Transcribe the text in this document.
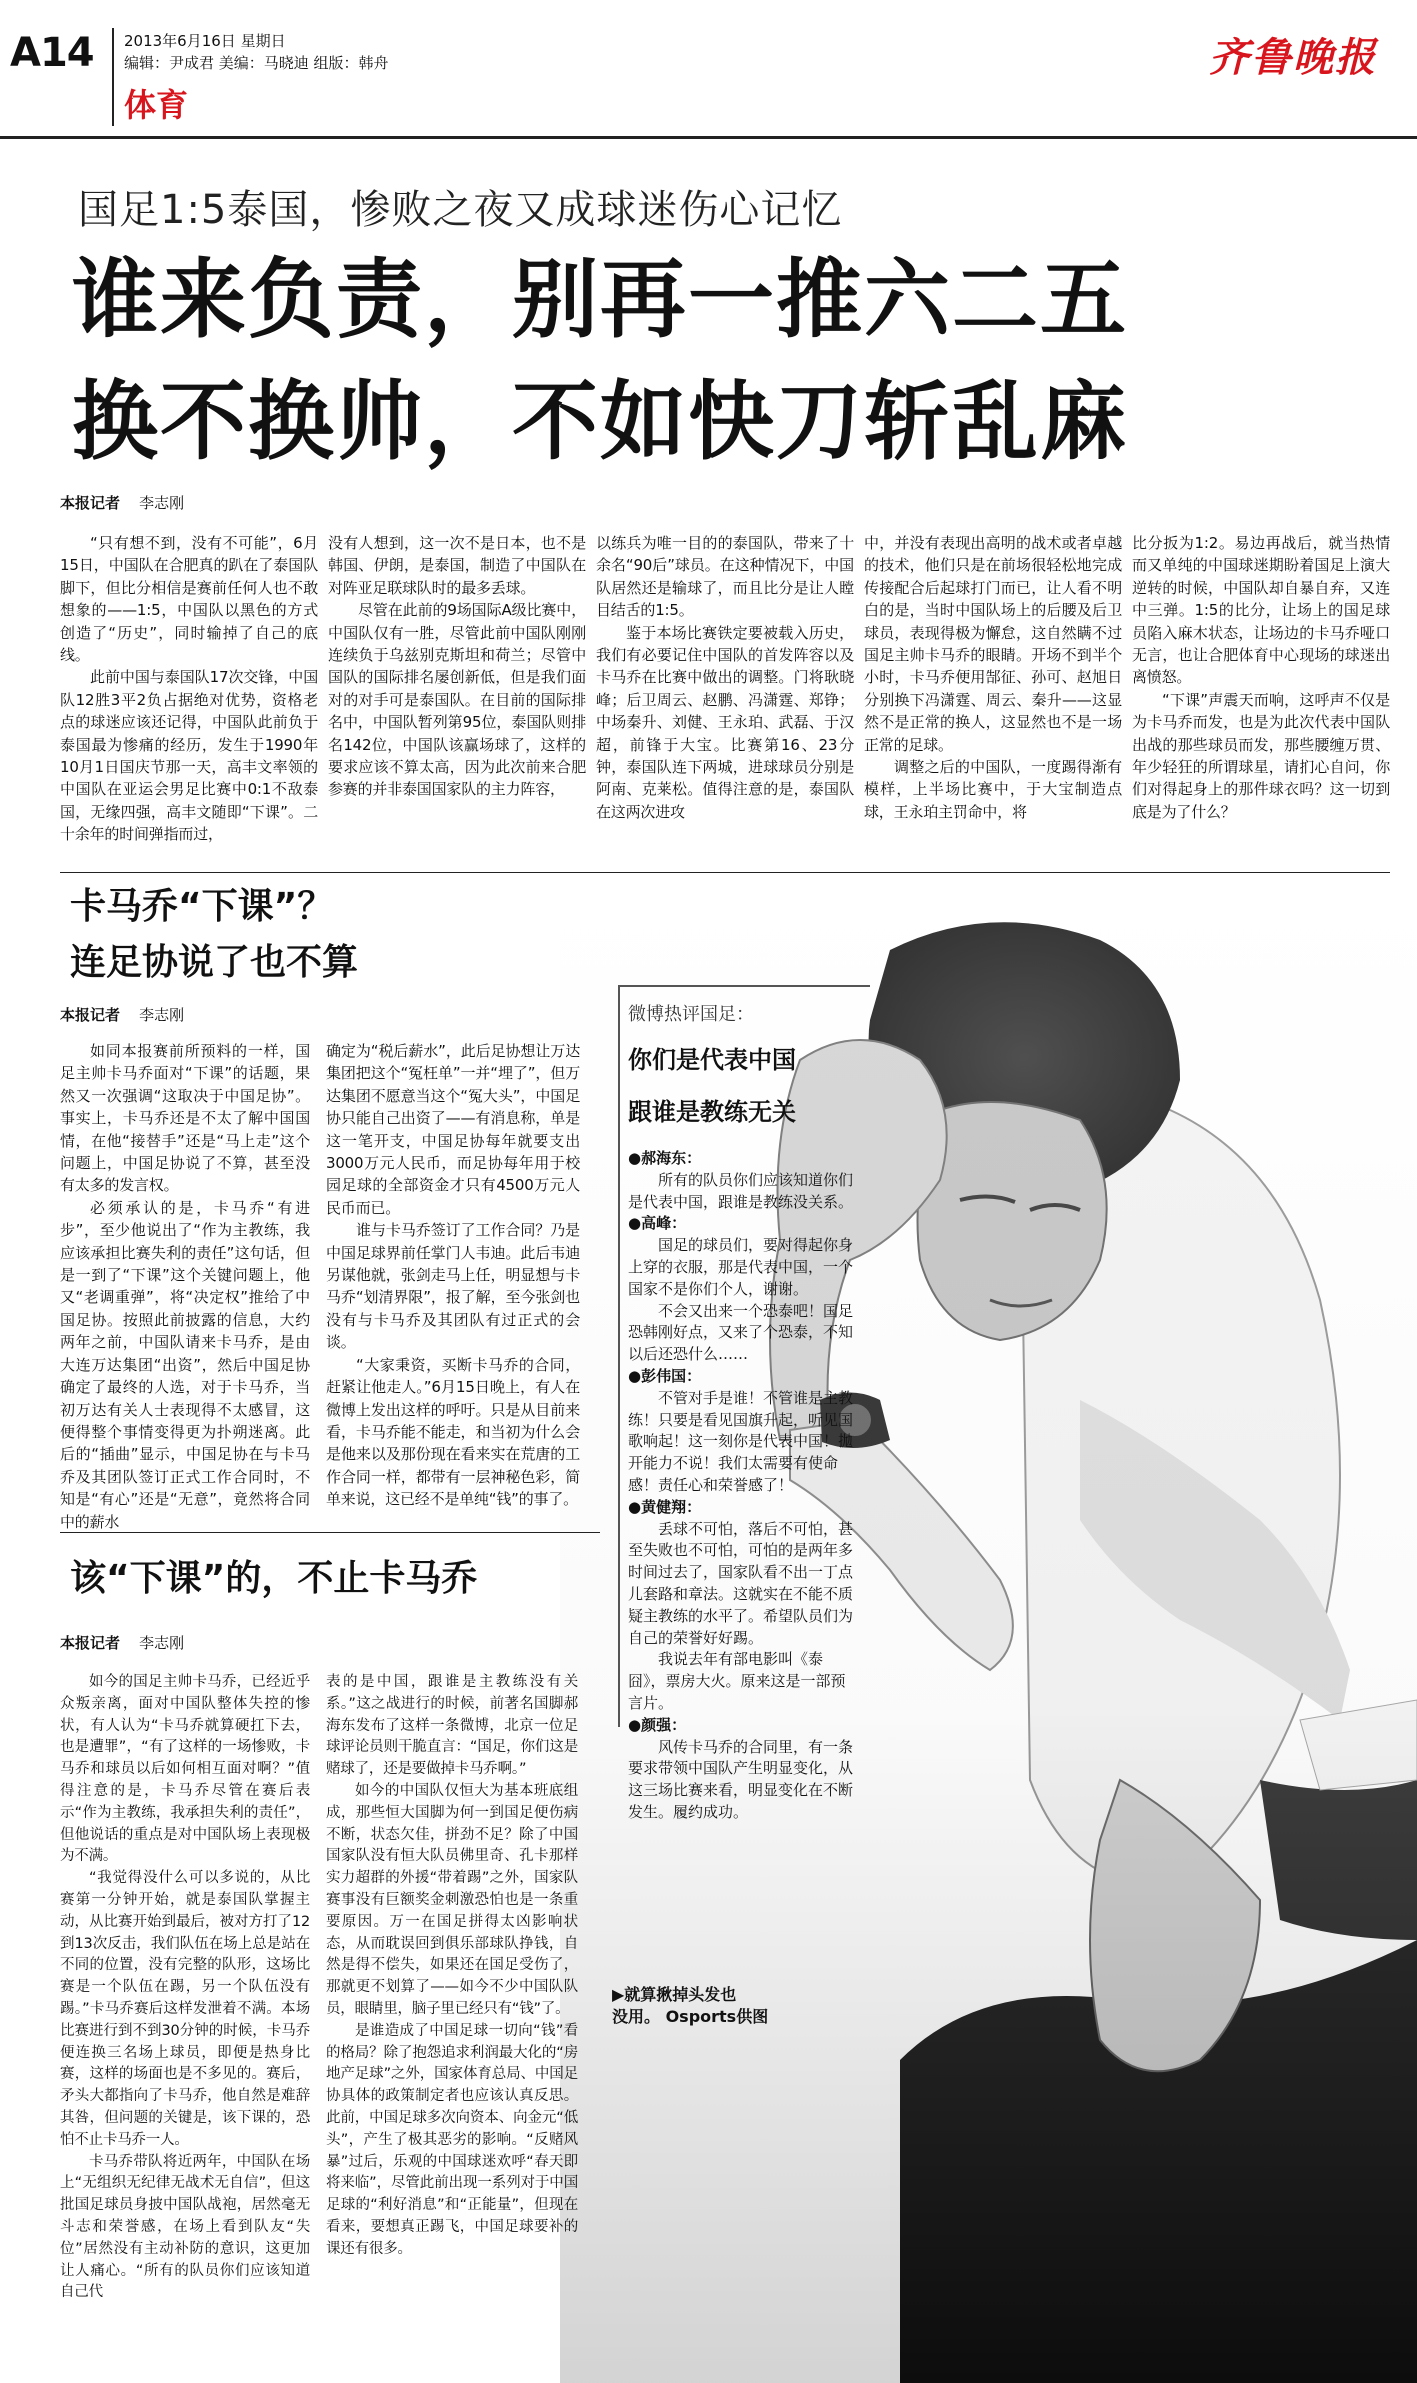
A14 2013年6月16日 星期日
编辑：尹成君 美编：马晓迪 组版：韩舟
体育
齐鲁晚报
国足1:5泰国，惨败之夜又成球迷伤心记忆
谁来负责，别再一推六二五
换不换帅，不如快刀斩乱麻
本报记者 李志刚

“只有想不到，没有不可能”，6月15日，中国队在合肥真的趴在了泰国队脚下，但比分相信是赛前任何人也不敢想象的——1:5，中国队以黑色的方式创造了“历史”，同时输掉了自己的底线。

此前中国与泰国队17次交锋，中国队12胜3平2负占据绝对优势，资格老点的球迷应该还记得，中国队此前负于泰国最为惨痛的经历，发生于1990年10月1日国庆节那一天，高丰文率领的中国队在亚运会男足比赛中0:1不敌泰国，无缘四强，高丰文随即“下课”。二十余年的时间弹指而过，

没有人想到，这一次不是日本，也不是韩国、伊朗，是泰国，制造了中国队在对阵亚足联球队时的最多丢球。

尽管在此前的9场国际A级比赛中，中国队仅有一胜，尽管此前中国队刚刚连续负于乌兹别克斯坦和荷兰；尽管中国队的国际排名屡创新低，但是我们面对的对手可是泰国队。在目前的国际排名中，中国队暂列第95位，泰国队则排名142位，中国队该赢场球了，这样的要求应该不算太高，因为此次前来合肥参赛的并非泰国国家队的主力阵容，

以练兵为唯一目的的泰国队，带来了十余名“90后”球员。在这种情况下，中国队居然还是输球了，而且比分是让人瞠目结舌的1:5。

鉴于本场比赛铁定要被载入历史，我们有必要记住中国队的首发阵容以及卡马乔在比赛中做出的调整。门将耿晓峰；后卫周云、赵鹏、冯潇霆、郑铮；中场秦升、刘健、王永珀、武磊、于汉超，前锋于大宝。比赛第16、23分钟，泰国队连下两城，进球球员分别是阿南、克莱松。值得注意的是，泰国队在这两次进攻

中，并没有表现出高明的战术或者卓越的技术，他们只是在前场很轻松地完成传接配合后起球打门而已，让人看不明白的是，当时中国队场上的后腰及后卫球员，表现得极为懈怠，这自然瞒不过国足主帅卡马乔的眼睛。开场不到半个小时，卡马乔便用郜征、孙可、赵旭日分别换下冯潇霆、周云、秦升——这显然不是正常的换人，这显然也不是一场正常的足球。

调整之后的中国队，一度踢得渐有模样，上半场比赛中，于大宝制造点球，王永珀主罚命中，将

比分扳为1:2。易边再战后，就当热情而又单纯的中国球迷期盼着国足上演大逆转的时候，中国队却自暴自弃，又连中三弹。1:5的比分，让场上的国足球员陷入麻木状态，让场边的卡马乔哑口无言，也让合肥体育中心现场的球迷出离愤怒。

“下课”声震天而响，这呼声不仅是为卡马乔而发，也是为此次代表中国队出战的那些球员而发，那些腰缠万贯、年少轻狂的所谓球星，请扪心自问，你们对得起身上的那件球衣吗？这一切到底是为了什么？

微博热评国足：
你们是代表中国
跟谁是教练无关
●郝海东：
所有的队员你们应该知道你们是代表中国，跟谁是教练没关系。
●高峰：
国足的球员们，要对得起你身上穿的衣服，那是代表中国，一个国家不是你们个人，谢谢。
不会又出来一个恐泰吧！国足恐韩刚好点，又来了个恐泰，不知以后还恐什么……
●彭伟国：
不管对手是谁！不管谁是主教练！只要是看见国旗升起，听见国歌响起！这一刻你是代表中国！拋开能力不说！我们太需要有使命感！责任心和荣誉感了！
●黄健翔：
丢球不可怕，落后不可怕，甚至失败也不可怕，可怕的是两年多时间过去了，国家队看不出一丁点儿套路和章法。这就实在不能不质疑主教练的水平了。希望队员们为自己的荣誉好好踢。
我说去年有部电影叫《泰囧》，票房大火。原来这是一部预言片。
●颜强：
风传卡马乔的合同里，有一条要求带领中国队产生明显变化，从这三场比赛来看，明显变化在不断发生。履约成功。
▶就算揪掉头发也
没用。 Osports供图
卡马乔“下课”？
连足协说了也不算
本报记者 李志刚

如同本报赛前所预料的一样，国足主帅卡马乔面对“下课”的话题，果然又一次强调“这取决于中国足协”。事实上，卡马乔还是不太了解中国国情，在他“接替手”还是“马上走”这个问题上，中国足协说了不算，甚至没有太多的发言权。

必须承认的是，卡马乔“有进步”，至少他说出了“作为主教练，我应该承担比赛失利的责任”这句话，但是一到了“下课”这个关键问题上，他又“老调重弹”，将“决定权”推给了中国足协。按照此前披露的信息，大约两年之前，中国队请来卡马乔，是由大连万达集团“出资”，然后中国足协确定了最终的人选，对于卡马乔，当初万达有关人士表现得不太感冒，这便得整个事情变得更为扑朔迷离。此后的“插曲”显示，中国足协在与卡马乔及其团队签订正式工作合同时，不知是“有心”还是“无意”，竟然将合同中的薪水

确定为“税后薪水”，此后足协想让万达集团把这个“冤枉单”一并“埋了”，但万达集团不愿意当这个“冤大头”，中国足协只能自己出资了——有消息称，单是这一笔开支，中国足协每年就要支出3000万元人民币，而足协每年用于校园足球的全部资金才只有4500万元人民币而已。

谁与卡马乔签订了工作合同？乃是中国足球界前任掌门人韦迪。此后韦迪另谋他就，张剑走马上任，明显想与卡马乔“划清界限”，报了解，至今张剑也没有与卡马乔及其团队有过正式的会谈。

“大家秉资，买断卡马乔的合同，赶紧让他走人。”6月15日晚上，有人在微博上发出这样的呼吁。只是从目前来看，卡马乔能不能走，和当初为什么会是他来以及那份现在看来实在荒唐的工作合同一样，都带有一层神秘色彩，简单来说，这已经不是单纯“钱”的事了。

该“下课”的，不止卡马乔
本报记者 李志刚

如今的国足主帅卡马乔，已经近乎众叛亲离，面对中国队整体失控的惨状，有人认为“卡马乔就算硬扛下去，也是遭罪”，“有了这样的一场惨败，卡马乔和球员以后如何相互面对啊？”值得注意的是，卡马乔尽管在赛后表示“作为主教练，我承担失利的责任”，但他说话的重点是对中国队场上表现极为不满。

“我觉得没什么可以多说的，从比赛第一分钟开始，就是泰国队掌握主动，从比赛开始到最后，被对方打了12到13次反击，我们队伍在场上总是站在不同的位置，没有完整的队形，这场比赛是一个队伍在踢，另一个队伍没有踢。”卡马乔赛后这样发泄着不满。本场比赛进行到不到30分钟的时候，卡马乔便连换三名场上球员，即便是热身比赛，这样的场面也是不多见的。赛后，矛头大都指向了卡马乔，他自然是难辞其咎，但问题的关键是，该下课的，恐怕不止卡马乔一人。

卡马乔带队将近两年，中国队在场上“无组织无纪律无战术无自信”，但这批国足球员身披中国队战袍，居然毫无斗志和荣誉感，在场上看到队友“失位”居然没有主动补防的意识，这更加让人痛心。“所有的队员你们应该知道自己代

表的是中国，跟谁是主教练没有关系。”这之战进行的时候，前著名国脚郝海东发布了这样一条微博，北京一位足球评论员则干脆直言：“国足，你们这是赌球了，还是要做掉卡马乔啊。”

如今的中国队仅恒大为基本班底组成，那些恒大国脚为何一到国足便伤病不断，状态欠佳，拼劲不足？除了中国国家队没有恒大队员佛里奇、孔卡那样实力超群的外援“带着踢”之外，国家队赛事没有巨额奖金刺激恐怕也是一条重要原因。万一在国足拼得太凶影响状态，从而耽误回到俱乐部球队挣钱，自然是得不偿失，如果还在国足受伤了，那就更不划算了——如今不少中国队队员，眼睛里，脑子里已经只有“钱”了。

是谁造成了中国足球一切向“钱”看的格局？除了抱怨追求利润最大化的“房地产足球”之外，国家体育总局、中国足协具体的政策制定者也应该认真反思。此前，中国足球多次向资本、向金元“低头”，产生了极其恶劣的影响。“反赌风暴”过后，乐观的中国球迷欢呼“春天即将来临”，尽管此前出现一系列对于中国足球的“利好消息”和“正能量”，但现在看来，要想真正踢飞，中国足球要补的课还有很多。
